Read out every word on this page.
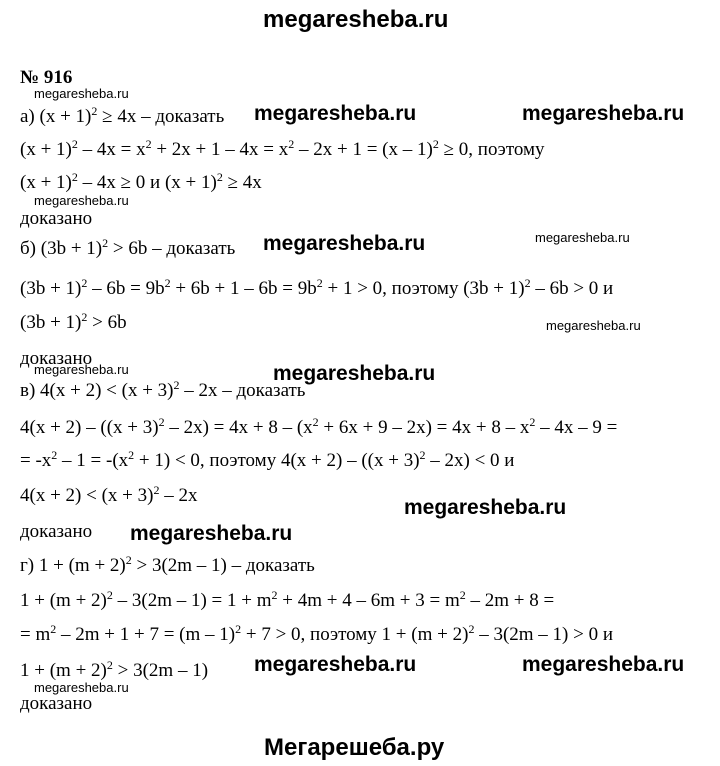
megaresheba.ru
№ 916
а) $(x + 1)^2 \ge 4x$ – доказать
$(x + 1)^2 - 4x = x^2 + 2x + 1 - 4x = x^2 - 2x + 1 = (x - 1)^2 \ge 0$, поэтому
$(x + 1)^2 - 4x \ge 0$ и $(x + 1)^2 \ge 4x$
доказано
б) $(3b + 1)^2 > 6b$ – доказать
$(3b + 1)^2 - 6b = 9b^2 + 6b + 1 - 6b = 9b^2 + 1 > 0$, поэтому $(3b + 1)^2 - 6b > 0$ и
$(3b + 1)^2 > 6b$
доказано
в) $4(x + 2) < (x + 3)^2 - 2x$ – доказать
$4(x + 2) - ((x + 3)^2 - 2x) = 4x + 8 - (x^2 + 6x + 9 - 2x) = 4x + 8 - x^2 - 4x - 9$ =
= $-x^2 - 1 = -(x^2 + 1) < 0$, поэтому $4(x + 2) - ((x + 3)^2 - 2x) < 0$ и
$4(x + 2) < (x + 3)^2 - 2x$
доказано
г) $1 + (m + 2)^2 > 3(2m - 1)$ – доказать
$1 + (m + 2)^2 - 3(2m - 1) = 1 + m^2 + 4m + 4 - 6m + 3 = m^2 - 2m + 8$ =
= $m^2 - 2m + 1 + 7 = (m - 1)^2 + 7 > 0$, поэтому $1 + (m + 2)^2 - 3(2m - 1) > 0$ и
$1 + (m + 2)^2 > 3(2m - 1)$
доказано
megaresheba.ru
megaresheba.ru	megaresheba.ru
megaresheba.ru
megaresheba.ru	megaresheba.ru
megaresheba.ru
megaresheba.ru	megaresheba.ru
megaresheba.ru
megaresheba.ru
megaresheba.ru	megaresheba.ru
megaresheba.ru
Мегарешеба.ру
